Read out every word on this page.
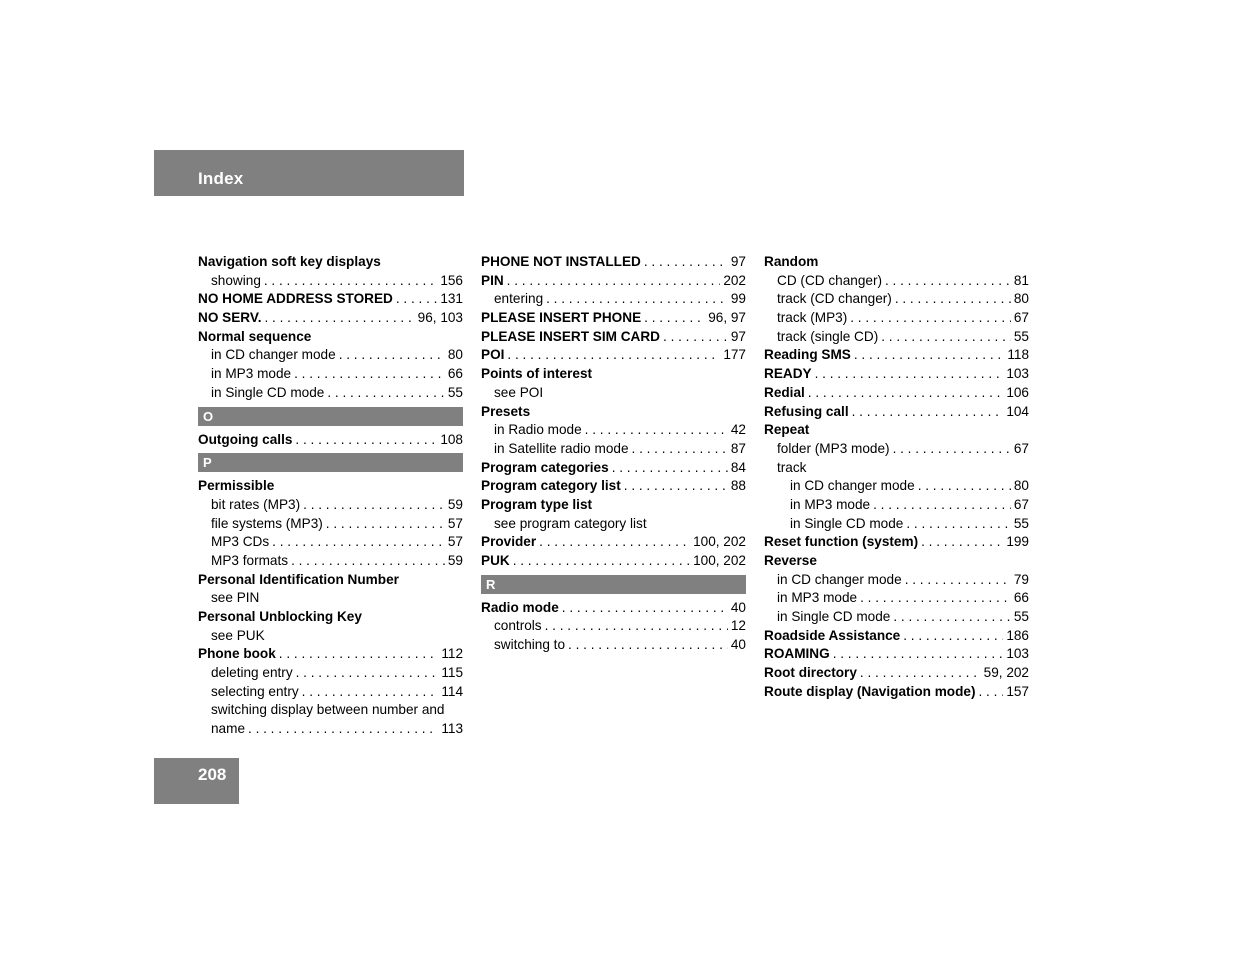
Index
Navigation soft key displays
showing . . .	156
NO HOME ADDRESS STORED . . .	131
NO SERV. . . .	96, 103
Normal sequence
in CD changer mode . . .	80
in MP3 mode . . .	66
in Single CD mode . . .	55
O
Outgoing calls . . .	108
P
Permissible
bit rates (MP3) . . .	59
file systems (MP3) . . .	57
MP3 CDs . . .	57
MP3 formats . . .	59
Personal Identification Number
see PIN
Personal Unblocking Key
see PUK
Phone book . . .	112
deleting entry . . .	115
selecting entry . . .	114
switching display between number and
name . . .	113
PHONE NOT INSTALLED . . .	97
PIN . . .	202
entering . . .	99
PLEASE INSERT PHONE . . .	96, 97
PLEASE INSERT SIM CARD . . .	97
POI . . .	177
Points of interest
see POI
Presets
in Radio mode . . .	42
in Satellite radio mode . . .	87
Program categories . . .	84
Program category list . . .	88
Program type list
see program category list
Provider . . .	100, 202
PUK . . .	100, 202
R
Radio mode . . .	40
controls . . .	12
switching to . . .	40
Random
CD (CD changer) . . .	81
track (CD changer) . . .	80
track (MP3) . . .	67
track (single CD) . . .	55
Reading SMS . . .	118
READY . . .	103
Redial . . .	106
Refusing call . . .	104
Repeat
folder (MP3 mode) . . .	67
track
in CD changer mode . . .	80
in MP3 mode . . .	67
in Single CD mode . . .	55
Reset function (system) . . .	199
Reverse
in CD changer mode . . .	79
in MP3 mode . . .	66
in Single CD mode . . .	55
Roadside Assistance . . .	186
ROAMING . . .	103
Root directory . . .	59, 202
Route display (Navigation mode) . . . 157
208
